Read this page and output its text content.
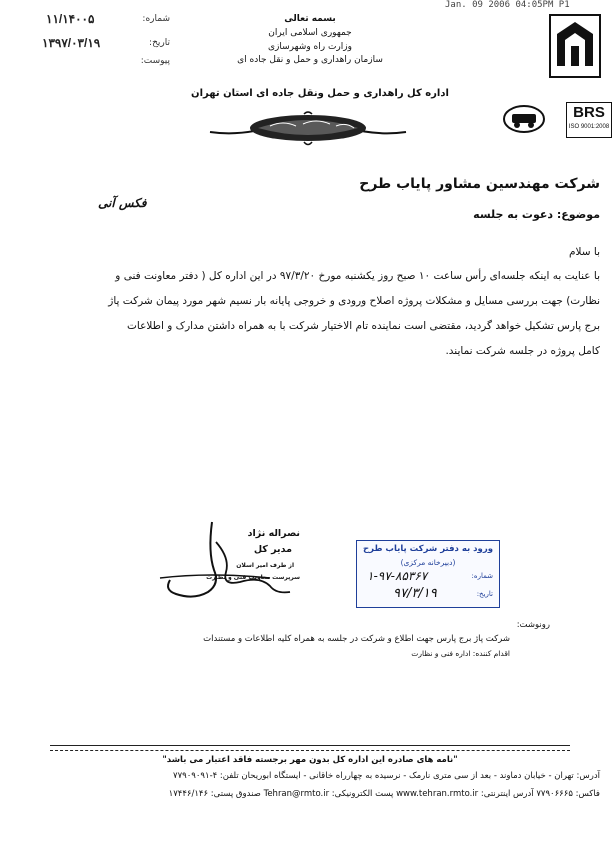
Jan. 09 2006 04:05PM P1
۱۱/۱۴۰۰۵	شماره:
۱۳۹۷/۰۳/۱۹	تاریخ:
پیوست:
BRS
ISO 9001:2008
بسمه تعالی
جمهوری اسلامی ایران
وزارت راه وشهرسازی
سازمان راهداری و حمل و نقل جاده ای
اداره کل راهداری و حمل ونقل جاده ای استان تهران
شرکت مهندسین مشاور پایاب طرح
فکس آنی
موضوع: دعوت به جلسه
با سلام
با عنایت به اینکه جلسه‌ای رأس ساعت ۱۰ صبح روز یکشنبه مورخ ۹۷/۳/۲۰ در این اداره کل ( دفتر معاونت فنی و
نظارت) جهت بررسی مسایل و مشکلات پروژه اصلاح ورودی و خروجی پایانه بار نسیم شهر مورد پیمان شرکت پاژ
برج پارس تشکیل خواهد گردید، مقتضی است نماینده تام الاختیار شرکت با به همراه داشتن مدارک و اطلاعات
کامل پروژه در جلسه شرکت نمایند.
نصراله نژاد
مدیر کل
از طرف امیر اسلان
سرپرست معاونت فنی و نظارت
ورود به دفتر شرکت پایاب طرح
(دبیرخانه مرکزی)
شماره:
۱-۹۷-۸۵۳۶۷
تاریخ:
۹۷/۳/۱۹
رونوشت:
شرکت پاژ برج پارس جهت اطلاع و شرکت در جلسه به همراه کلیه اطلاعات و مستندات
اقدام کننده: اداره فنی و نظارت
"نامه های صادره این اداره کل بدون مهر برجسته فاقد اعتبار می باشد"
آدرس: تهران - خیابان دماوند - بعد از سی متری نارمک - نرسیده به چهارراه خاقانی - ایستگاه ابوریحان تلفن: ۴-۷۷۹۰۹۰۹۱
فاکس: ۷۷۹۰۶۶۶۵ آدرس اینترنتی: www.tehran.rmto.ir پست الکترونیکی: Tehran@rmto.ir صندوق پستی: ۱۷۴۴۶/۱۴۶
